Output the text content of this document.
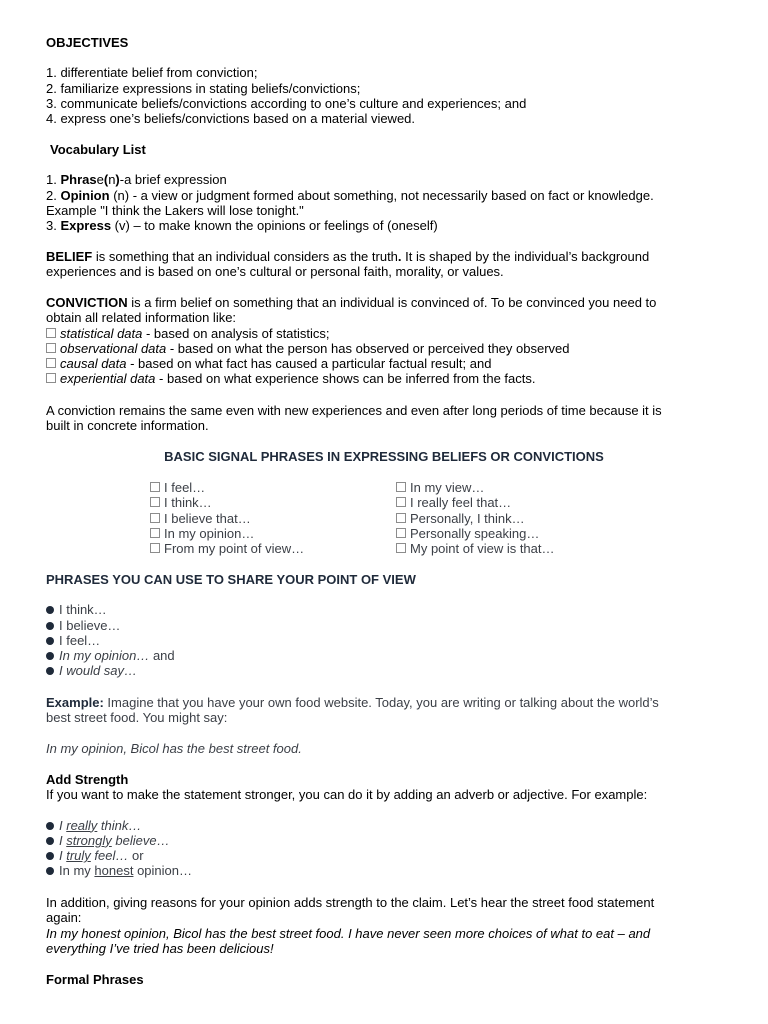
OBJECTIVES

1. differentiate belief from conviction;

2. familiarize expressions in stating beliefs/convictions;

3. communicate beliefs/convictions according to one’s culture and experiences; and

4. express one’s beliefs/convictions based on a material viewed.

Vocabulary List

1. Phrase(n)-a brief expression

2. Opinion (n) - a view or judgment formed about something, not necessarily based on fact or knowledge.

Example "I think the Lakers will lose tonight."

3. Express (v) – to make known the opinions or feelings of (oneself)

BELIEF is something that an individual considers as the truth. It is shaped by the individual’s background

experiences and is based on one’s cultural or personal faith, morality, or values.

CONVICTION is a firm belief on something that an individual is convinced of. To be convinced you need to

obtain all related information like:

statistical data - based on analysis of statistics;

observational data - based on what the person has observed or perceived they observed

causal data - based on what fact has caused a particular factual result; and

experiential data - based on what experience shows can be inferred from the facts.

A conviction remains the same even with new experiences and even after long periods of time because it is

built in concrete information.

BASIC SIGNAL PHRASES IN EXPRESSING BELIEFS OR CONVICTIONS

I feel…

I think…

I believe that…

In my opinion…

From my point of view…

In my view…

I really feel that…

Personally, I think…

Personally speaking…

My point of view is that…

PHRASES YOU CAN USE TO SHARE YOUR POINT OF VIEW

I think…

I believe…

I feel…

In my opinion… and

I would say…

Example: Imagine that you have your own food website. Today, you are writing or talking about the world’s

best street food. You might say:

In my opinion, Bicol has the best street food.

Add Strength

If you want to make the statement stronger, you can do it by adding an adverb or adjective. For example:

I really think…

I strongly believe…

I truly feel… or

In my honest opinion…

In addition, giving reasons for your opinion adds strength to the claim. Let’s hear the street food statement

again:

In my honest opinion, Bicol has the best street food. I have never seen more choices of what to eat – and

everything I’ve tried has been delicious!

Formal Phrases
